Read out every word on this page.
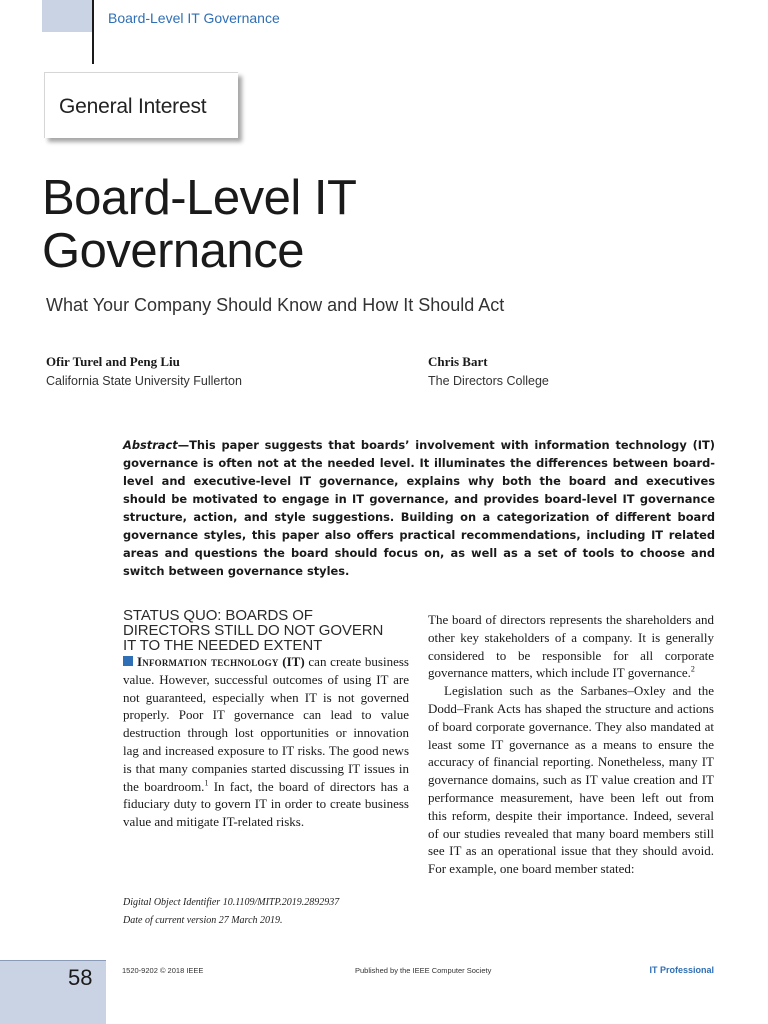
Board-Level IT Governance
General Interest
Board-Level IT
Governance
What Your Company Should Know and How It Should Act
Ofir Turel and Peng Liu
California State University Fullerton
Chris Bart
The Directors College
Abstract—This paper suggests that boards’ involvement with information technology (IT) governance is often not at the needed level. It illuminates the differences between board-level and executive-level IT governance, explains why both the board and executives should be motivated to engage in IT governance, and provides board-level IT governance structure, action, and style suggestions. Building on a categorization of different board governance styles, this paper also offers practical recommendations, including IT related areas and questions the board should focus on, as well as a set of tools to choose and switch between governance styles.
STATUS QUO: BOARDS OF
DIRECTORS STILL DO NOT GOVERN
IT TO THE NEEDED EXTENT

Information technology (IT) can create business value. However, successful outcomes of using IT are not guaranteed, especially when IT is not governed properly. Poor IT governance can lead to value destruction through lost opportunities or innovation lag and increased exposure to IT risks. The good news is that many companies started discussing IT issues in the boardroom.$^1$ In fact, the board of directors has a fiduciary duty to govern IT in order to create business value and mitigate IT-related risks.

Digital Object Identifier 10.1109/MITP.2019.2892937
Date of current version 27 March 2019.

The board of directors represents the shareholders and other key stakeholders of a company. It is generally considered to be responsible for all corporate governance matters, which include IT governance.$^2$

Legislation such as the Sarbanes–Oxley and the Dodd–Frank Acts has shaped the structure and actions of board corporate governance. They also mandated at least some IT governance as a means to ensure the accuracy of financial reporting. Nonetheless, many IT governance domains, such as IT value creation and IT performance measurement, have been left out from this reform, despite their importance. Indeed, several of our studies revealed that many board members still see IT as an operational issue that they should avoid. For example, one board member stated:

58	1520-9202 © 2018 IEEE	Published by the IEEE Computer Society	IT Professional
